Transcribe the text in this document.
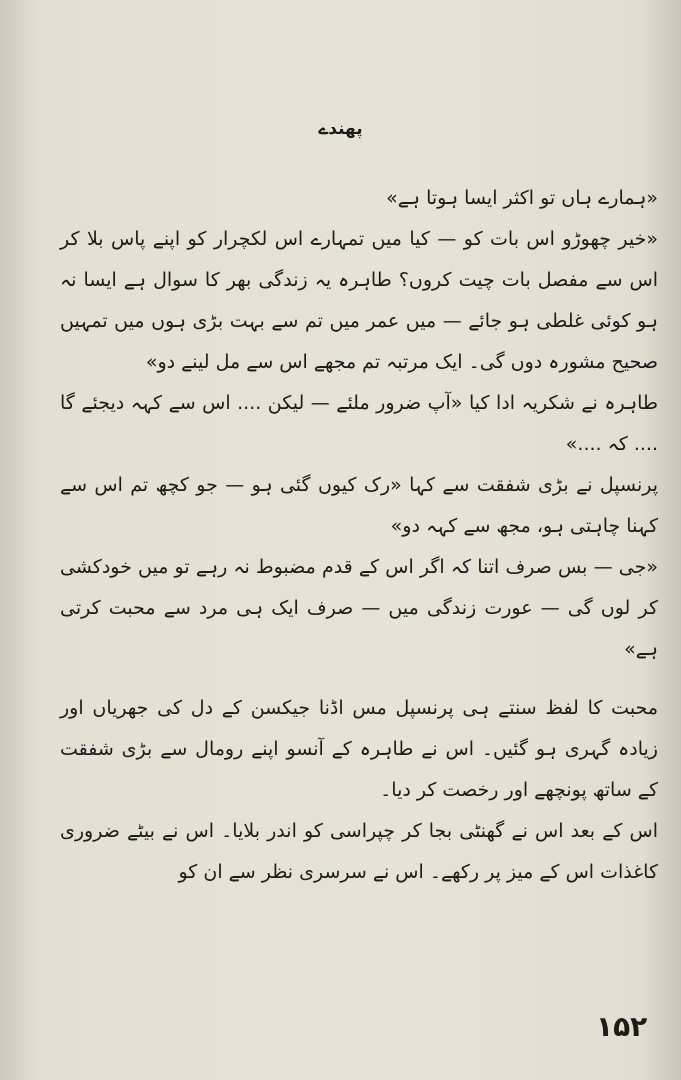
پھندے

«ہمارے ہاں تو اکثر ایسا ہوتا ہے»

«خیر چھوڑو اس بات کو — کیا میں تمہارے اس لکچرار کو اپنے پاس بلا کر اس سے مفصل بات چیت کروں؟ طاہرہ یہ زندگی بھر کا سوال ہے ایسا نہ ہو کوئی غلطی ہو جائے — میں عمر میں تم سے بہت بڑی ہوں میں تمہیں صحیح مشورہ دوں گی۔ ایک مرتبہ تم مجھے اس سے مل لینے دو»

طاہرہ نے شکریہ ادا کیا «آپ ضرور ملئے — لیکن .... اس سے کہہ دیجئے گا .... کہ ....»

پرنسپل نے بڑی شفقت سے کہا «رک کیوں گئی ہو — جو کچھ تم اس سے کہنا چاہتی ہو، مجھ سے کہہ دو»

«جی — بس صرف اتنا کہ اگر اس کے قدم مضبوط نہ رہے تو میں خودکشی کر لوں گی — عورت زندگی میں — صرف ایک ہی مرد سے محبت کرتی ہے»

محبت کا لفظ سنتے ہی پرنسپل مس اڈنا جیکسن کے دل کی جھریاں اور زیادہ گہری ہو گئیں۔ اس نے طاہرہ کے آنسو اپنے رومال سے بڑی شفقت کے ساتھ پونچھے اور رخصت کر دیا۔

اس کے بعد اس نے گھنٹی بجا کر چپراسی کو اندر بلایا۔ اس نے بیٹے ضروری کاغذات اس کے میز پر رکھے۔ اس نے سرسری نظر سے ان کو

۱۵۲
